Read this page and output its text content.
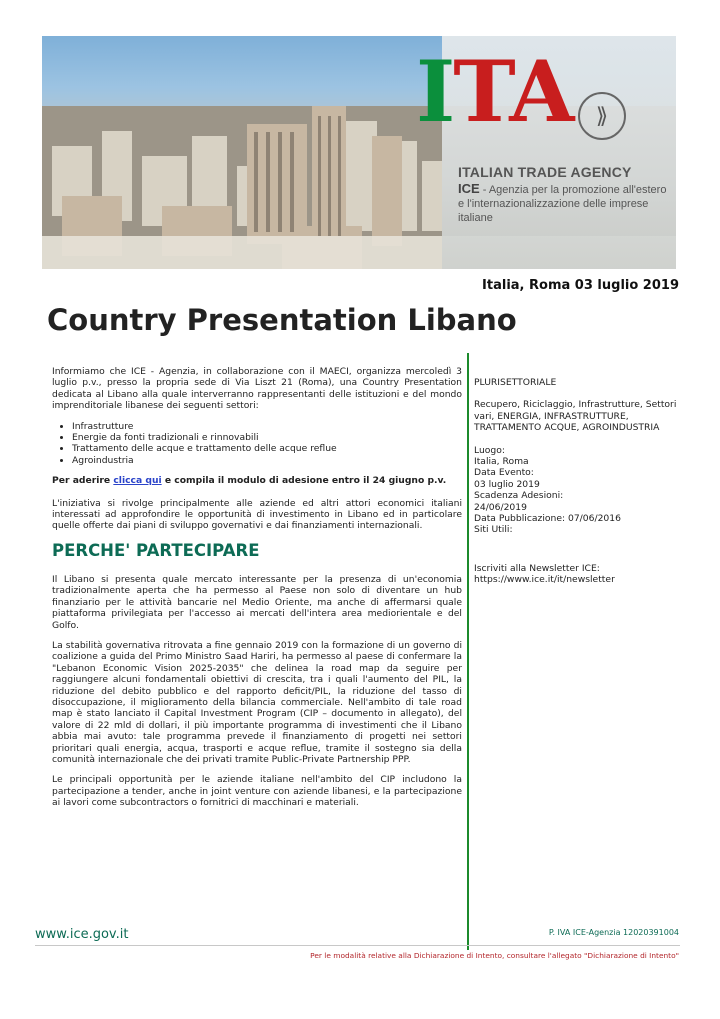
ITA	⟫
ITALIAN TRADE AGENCY
ICE - Agenzia per la promozione all'estero e l'internazionalizzazione delle imprese italiane
Italia, Roma 03 luglio 2019
Country Presentation Libano

Informiamo che ICE - Agenzia, in collaborazione con il MAECI, organizza mercoledì 3 luglio p.v., presso la propria sede di Via Liszt 21 (Roma), una Country Presentation dedicata al Libano alla quale interverranno rappresentanti delle istituzioni e del mondo imprenditoriale libanese dei seguenti settori:

• Infrastrutture
• Energie da fonti tradizionali e rinnovabili
• Trattamento delle acque e trattamento delle acque reflue
• Agroindustria

Per aderire clicca qui e compila il modulo di adesione entro il 24 giugno p.v.

L'iniziativa si rivolge principalmente alle aziende ed altri attori economici italiani interessati ad approfondire le opportunità di investimento in Libano ed in particolare quelle offerte dai piani di sviluppo governativi e dai finanziamenti internazionali.

PERCHE' PARTECIPARE

Il Libano si presenta quale mercato interessante per la presenza di un'economia tradizionalmente aperta che ha permesso al Paese non solo di diventare un hub finanziario per le attività bancarie nel Medio Oriente, ma anche di affermarsi quale piattaforma privilegiata per l'accesso ai mercati dell'intera area mediorientale e del Golfo.

La stabilità governativa ritrovata a fine gennaio 2019 con la formazione di un governo di coalizione a guida del Primo Ministro Saad Hariri, ha permesso al paese di confermare la "Lebanon Economic Vision 2025-2035" che delinea la road map da seguire per raggiungere alcuni fondamentali obiettivi di crescita, tra i quali l'aumento del PIL, la riduzione del debito pubblico e del rapporto deficit/PIL, la riduzione del tasso di disoccupazione, il miglioramento della bilancia commerciale. Nell'ambito di tale road map è stato lanciato il Capital Investment Program (CIP – documento in allegato), del valore di 22 mld di dollari, il più importante programma di investimenti che il Libano abbia mai avuto: tale programma prevede il finanziamento di progetti nei settori prioritari quali energia, acqua, trasporti e acque reflue, tramite il sostegno sia della comunità internazionale che dei privati tramite Public-Private Partnership PPP.

Le principali opportunità per le aziende italiane nell'ambito del CIP includono la partecipazione a tender, anche in joint venture con aziende libanesi, e la partecipazione ai lavori come subcontractors o fornitrici di macchinari e materiali.

PLURISETTORIALE
Recupero, Riciclaggio, Infrastrutture, Settori vari, ENERGIA, INFRASTRUTTURE, TRATTAMENTO ACQUE, AGROINDUSTRIA
Luogo:
Italia, Roma
Data Evento:
03 luglio 2019
Scadenza Adesioni:
24/06/2019
Data Pubblicazione: 07/06/2016
Siti Utili:
Iscriviti alla Newsletter ICE:
https://www.ice.it/it/newsletter
www.ice.gov.it	P. IVA ICE-Agenzia 12020391004
Per le modalità relative alla Dichiarazione di Intento, consultare l'allegato "Dichiarazione di Intento"
